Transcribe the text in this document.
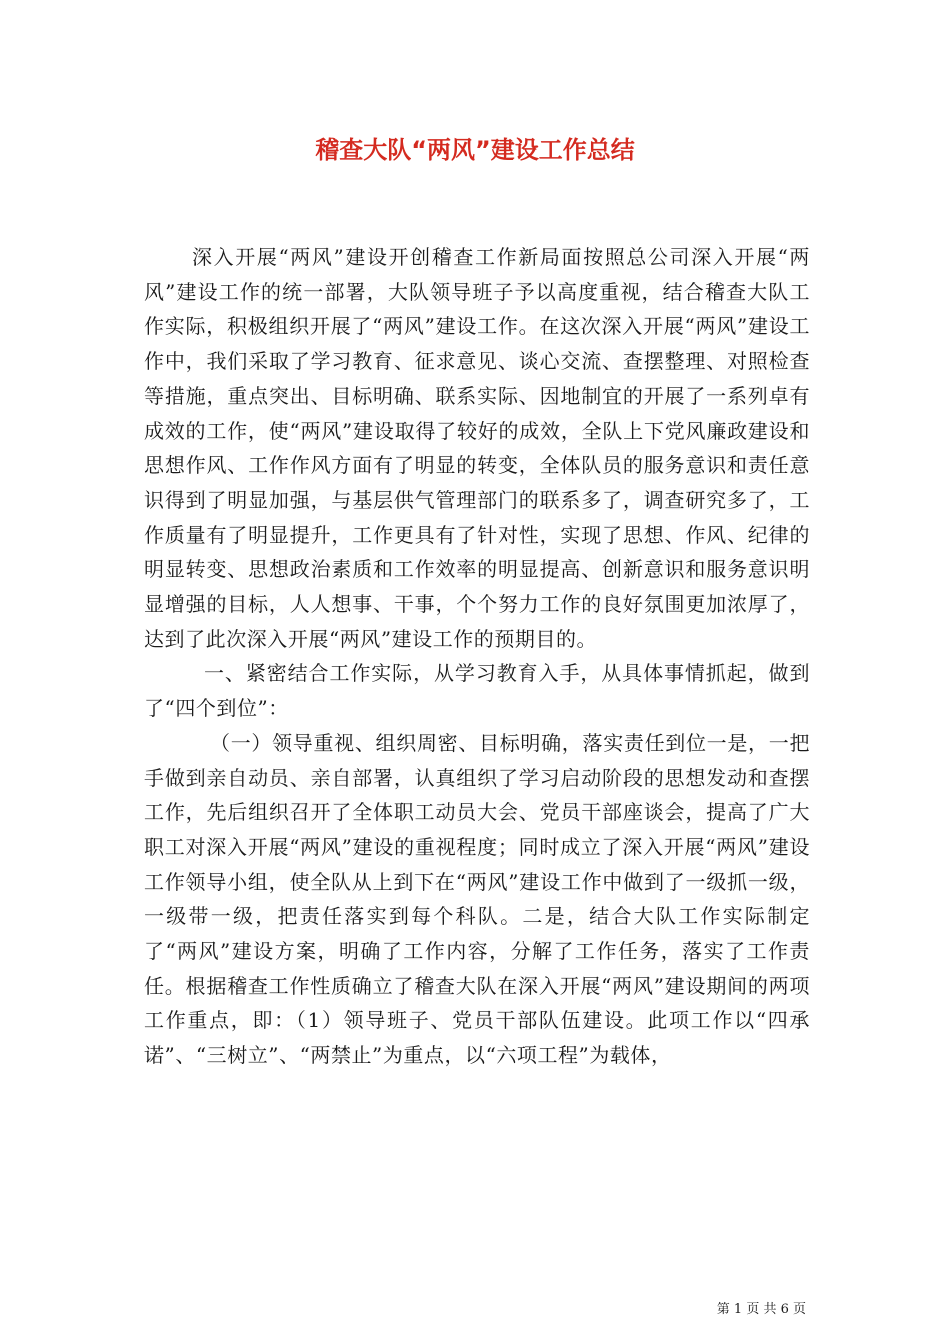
稽查大队“两风”建设工作总结

深入开展“两风”建设开创稽查工作新局面按照总公司深入开展“两风”建设工作的统一部署，大队领导班子予以高度重视，结合稽查大队工作实际，积极组织开展了“两风”建设工作。在这次深入开展“两风”建设工作中，我们采取了学习教育、征求意见、谈心交流、查摆整理、对照检查等措施，重点突出、目标明确、联系实际、因地制宜的开展了一系列卓有成效的工作，使“两风”建设取得了较好的成效，全队上下党风廉政建设和思想作风、工作作风方面有了明显的转变，全体队员的服务意识和责任意识得到了明显加强，与基层供气管理部门的联系多了，调查研究多了，工作质量有了明显提升，工作更具有了针对性，实现了思想、作风、纪律的明显转变、思想政治素质和工作效率的明显提高、创新意识和服务意识明显增强的目标，人人想事、干事，个个努力工作的良好氛围更加浓厚了，达到了此次深入开展“两风”建设工作的预期目的。

一、紧密结合工作实际，从学习教育入手，从具体事情抓起，做到了“四个到位”：

（一）领导重视、组织周密、目标明确，落实责任到位一是，一把手做到亲自动员、亲自部署，认真组织了学习启动阶段的思想发动和查摆工作，先后组织召开了全体职工动员大会、党员干部座谈会，提高了广大职工对深入开展“两风”建设的重视程度；同时成立了深入开展“两风”建设工作领导小组，使全队从上到下在“两风”建设工作中做到了一级抓一级，一级带一级，把责任落实到每个科队。二是，结合大队工作实际制定了“两风”建设方案，明确了工作内容，分解了工作任务，落实了工作责任。根据稽查工作性质确立了稽查大队在深入开展“两风”建设期间的两项工作重点，即：（1）领导班子、党员干部队伍建设。此项工作以“四承诺”、“三树立”、“两禁止”为重点，以“六项工程”为载体，

第 1 页 共 6 页
